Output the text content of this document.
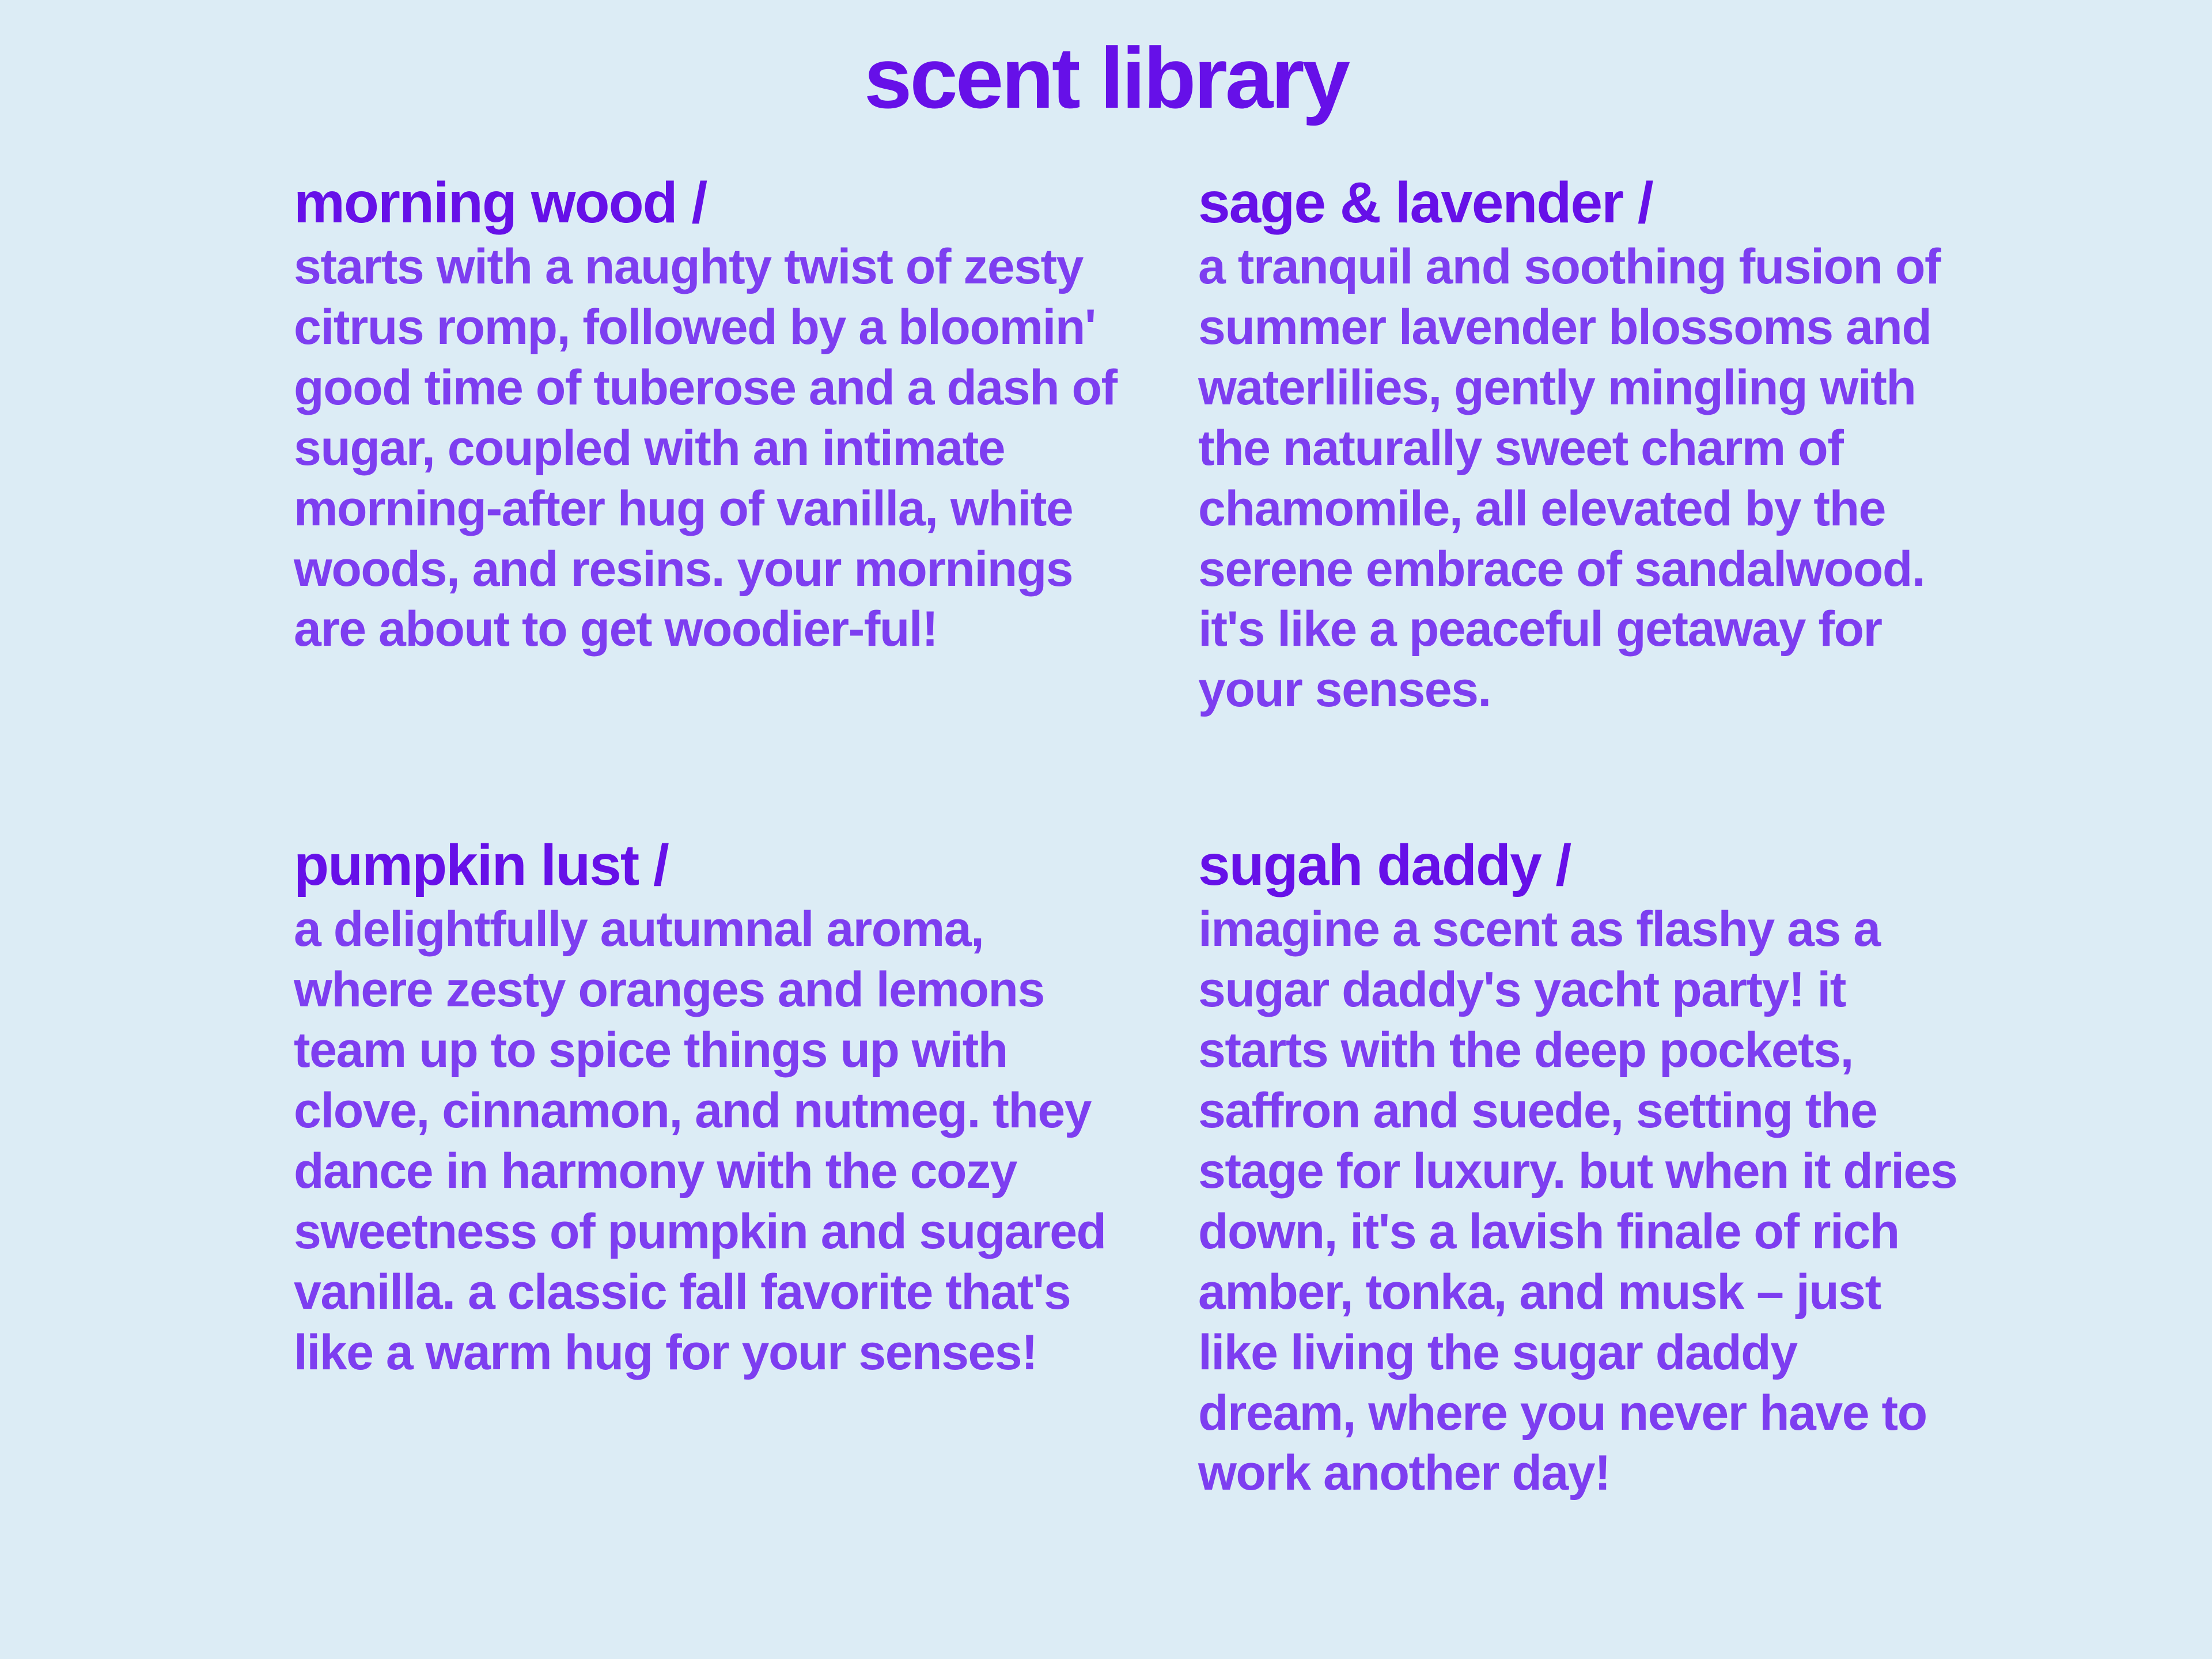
scent library
morning wood /
starts with a naughty twist of zesty citrus romp, followed by a bloomin' good time of tuberose and a dash of sugar, coupled with an intimate morning-after hug of vanilla, white woods, and resins. your mornings are about to get woodier-ful!
sage & lavender /
a tranquil and soothing fusion of summer lavender blossoms and waterlilies, gently mingling with the naturally sweet charm of chamomile, all elevated by the serene embrace of sandalwood. it's like a peaceful getaway for your senses.
pumpkin lust /
a delightfully autumnal aroma, where zesty oranges and lemons team up to spice things up with clove, cinnamon, and nutmeg. they dance in harmony with the cozy sweetness of pumpkin and sugared vanilla. a classic fall favorite that's like a warm hug for your senses!
sugah daddy /
imagine a scent as flashy as a sugar daddy's yacht party! it starts with the deep pockets, saffron and suede, setting the stage for luxury. but when it dries down, it's a lavish finale of rich amber, tonka, and musk – just like living the sugar daddy dream, where you never have to work another day!
